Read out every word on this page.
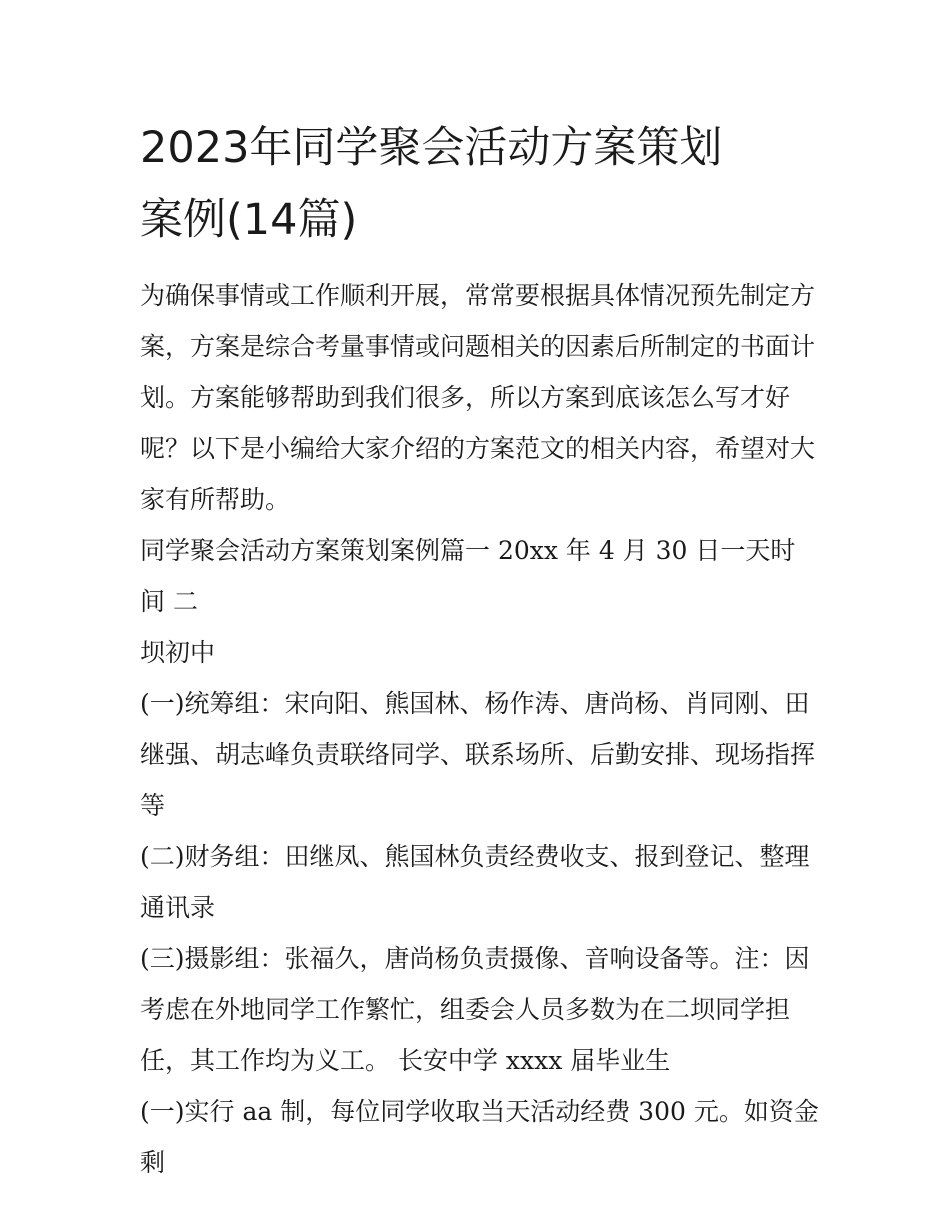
2023年同学聚会活动方案策划
案例(14篇)
为确保事情或工作顺利开展，常常要根据具体情况预先制定方
案，方案是综合考量事情或问题相关的因素后所制定的书面计
划。方案能够帮助到我们很多，所以方案到底该怎么写才好
呢？以下是小编给大家介绍的方案范文的相关内容，希望对大
家有所帮助。
同学聚会活动方案策划案例篇一 20xx 年 4 月 30 日一天时间 二
坝初中
(一)统筹组：宋向阳、熊国林、杨作涛、唐尚杨、肖同刚、田
继强、胡志峰负责联络同学、联系场所、后勤安排、现场指挥
等
(二)财务组：田继凤、熊国林负责经费收支、报到登记、整理
通讯录
(三)摄影组：张福久，唐尚杨负责摄像、音响设备等。注：因
考虑在外地同学工作繁忙，组委会人员多数为在二坝同学担
任，其工作均为义工。 长安中学 xxxx 届毕业生
(一)实行 aa 制，每位同学收取当天活动经费 300 元。如资金剩
